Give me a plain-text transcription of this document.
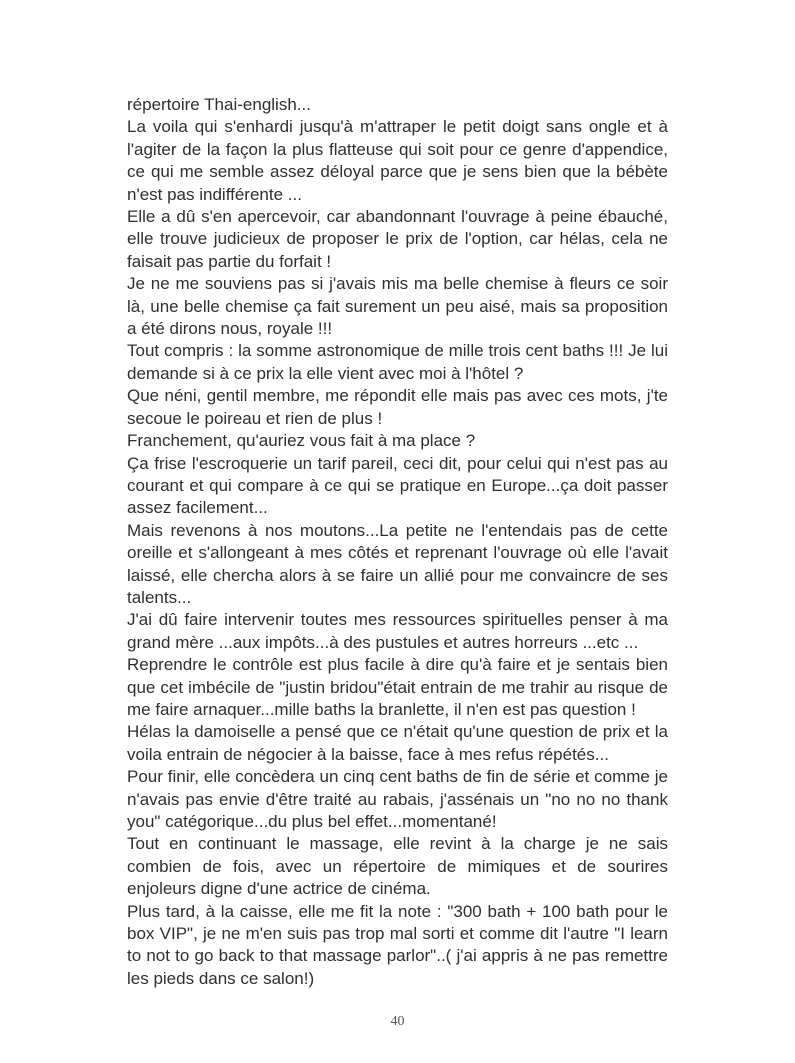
répertoire Thai-english...

La voila qui s'enhardi jusqu'à m'attraper le petit doigt sans ongle et à l'agiter de la façon la plus flatteuse qui soit pour ce genre d'appendice, ce qui me semble assez déloyal parce que je sens bien que la bébète n'est pas indifférente ...

Elle a dû s'en apercevoir, car abandonnant l'ouvrage à peine ébauché, elle trouve judicieux de proposer le prix de l'option, car hélas, cela ne faisait pas partie du forfait !

Je ne me souviens pas si j'avais mis ma belle chemise à fleurs ce soir là, une belle chemise ça fait surement un peu aisé, mais sa proposition a été dirons nous, royale !!!

Tout compris : la somme astronomique de mille trois cent baths !!! Je lui demande si à ce prix la elle vient avec moi à l'hôtel ?

Que néni, gentil membre, me répondit elle mais pas avec ces mots, j'te secoue le poireau et rien de plus !

Franchement, qu'auriez vous fait à ma place ?

Ça frise l'escroquerie un tarif pareil, ceci dit, pour celui qui n'est pas au courant et qui compare à ce qui se pratique en Europe...ça doit passer assez facilement...

Mais revenons à nos moutons...La petite ne l'entendais pas de cette oreille et s'allongeant à mes côtés et reprenant l'ouvrage où elle l'avait laissé, elle chercha alors à se faire un allié pour me convaincre de ses talents...

J'ai dû faire intervenir toutes mes ressources spirituelles penser à ma grand mère ...aux impôts...à des pustules et autres horreurs ...etc ...

Reprendre le contrôle est plus facile à dire qu'à faire et je sentais bien que cet imbécile de "justin bridou"était entrain de me trahir au risque de me faire arnaquer...mille baths la branlette, il n'en est pas question !

Hélas la damoiselle a pensé que ce n'était qu'une question de prix et la voila entrain de négocier à la baisse, face à mes refus répétés...

Pour finir, elle concèdera un cinq cent baths de fin de série et comme je n'avais pas envie d'être traité au rabais, j'assénais un "no no no thank you" catégorique...du plus bel effet...momentané!

Tout en continuant le massage, elle revint à la charge je ne sais combien de fois, avec un répertoire de mimiques et de sourires enjoleurs digne d'une actrice de cinéma.

Plus tard, à la caisse, elle me fit la note : "300 bath + 100 bath pour le box VIP", je ne m'en suis pas trop mal sorti et comme dit l'autre "I learn to not to go back to that massage parlor"..( j'ai appris à ne pas remettre les pieds dans ce salon!)

40
